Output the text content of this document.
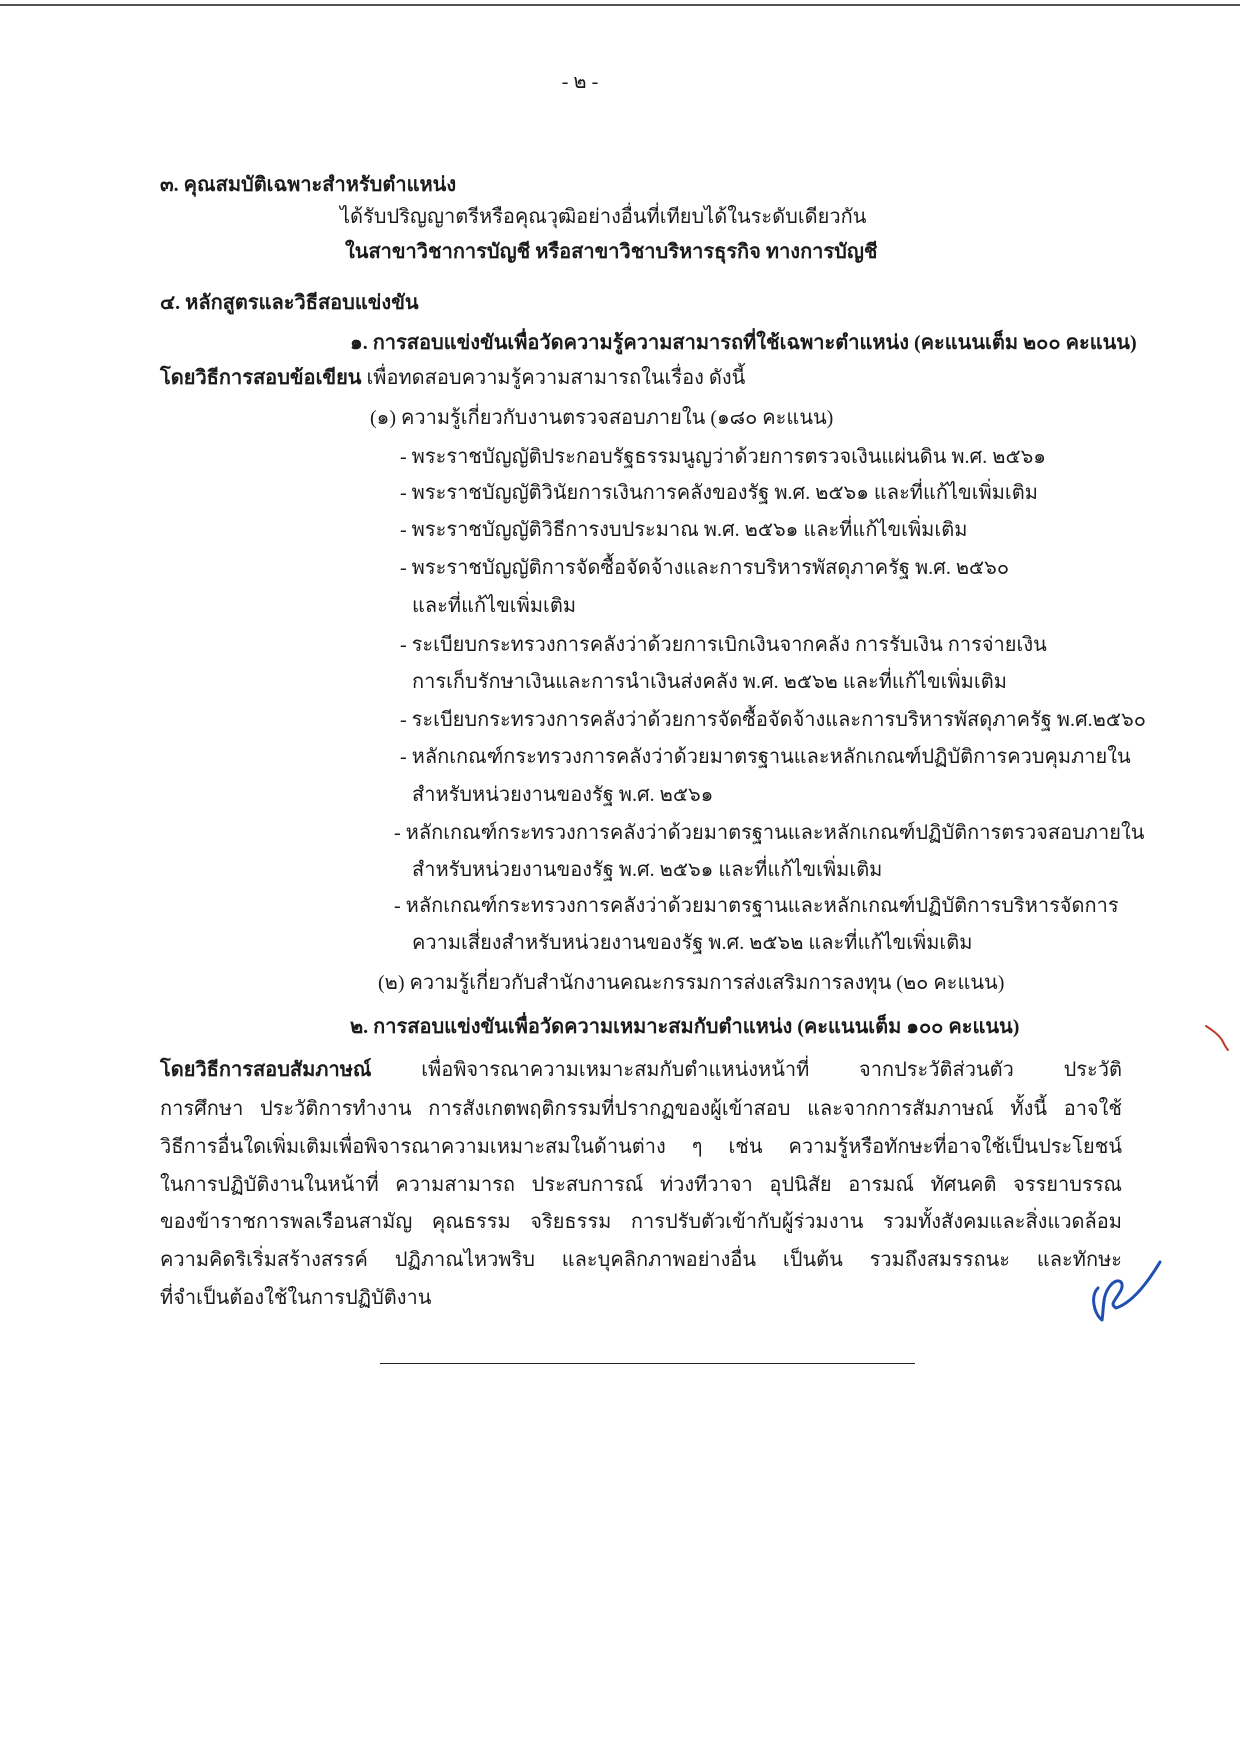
- ๒ -
๓. คุณสมบัติเฉพาะสำหรับตำแหน่ง
ได้รับปริญญาตรีหรือคุณวุฒิอย่างอื่นที่เทียบได้ในระดับเดียวกัน
ในสาขาวิชาการบัญชี หรือสาขาวิชาบริหารธุรกิจ ทางการบัญชี
๔. หลักสูตรและวิธีสอบแข่งขัน
๑. การสอบแข่งขันเพื่อวัดความรู้ความสามารถที่ใช้เฉพาะตำแหน่ง (คะแนนเต็ม ๒๐๐ คะแนน)
โดยวิธีการสอบข้อเขียน เพื่อทดสอบความรู้ความสามารถในเรื่อง ดังนี้
(๑) ความรู้เกี่ยวกับงานตรวจสอบภายใน (๑๘๐ คะแนน)
- พระราชบัญญัติประกอบรัฐธรรมนูญว่าด้วยการตรวจเงินแผ่นดิน พ.ศ. ๒๕๖๑
- พระราชบัญญัติวินัยการเงินการคลังของรัฐ พ.ศ. ๒๕๖๑ และที่แก้ไขเพิ่มเติม
- พระราชบัญญัติวิธีการงบประมาณ พ.ศ. ๒๕๖๑ และที่แก้ไขเพิ่มเติม
- พระราชบัญญัติการจัดซื้อจัดจ้างและการบริหารพัสดุภาครัฐ พ.ศ. ๒๕๖๐
และที่แก้ไขเพิ่มเติม
- ระเบียบกระทรวงการคลังว่าด้วยการเบิกเงินจากคลัง การรับเงิน การจ่ายเงิน
การเก็บรักษาเงินและการนำเงินส่งคลัง พ.ศ. ๒๕๖๒ และที่แก้ไขเพิ่มเติม
- ระเบียบกระทรวงการคลังว่าด้วยการจัดซื้อจัดจ้างและการบริหารพัสดุภาครัฐ พ.ศ.๒๕๖๐
- หลักเกณฑ์กระทรวงการคลังว่าด้วยมาตรฐานและหลักเกณฑ์ปฏิบัติการควบคุมภายใน
สำหรับหน่วยงานของรัฐ พ.ศ. ๒๕๖๑
- หลักเกณฑ์กระทรวงการคลังว่าด้วยมาตรฐานและหลักเกณฑ์ปฏิบัติการตรวจสอบภายใน
สำหรับหน่วยงานของรัฐ พ.ศ. ๒๕๖๑ และที่แก้ไขเพิ่มเติม
- หลักเกณฑ์กระทรวงการคลังว่าด้วยมาตรฐานและหลักเกณฑ์ปฏิบัติการบริหารจัดการ
ความเสี่ยงสำหรับหน่วยงานของรัฐ พ.ศ. ๒๕๖๒ และที่แก้ไขเพิ่มเติม
(๒) ความรู้เกี่ยวกับสำนักงานคณะกรรมการส่งเสริมการลงทุน (๒๐ คะแนน)
๒. การสอบแข่งขันเพื่อวัดความเหมาะสมกับตำแหน่ง (คะแนนเต็ม ๑๐๐ คะแนน)
โดยวิธีการสอบสัมภาษณ์ เพื่อพิจารณาความเหมาะสมกับตำแหน่งหน้าที่ จากประวัติส่วนตัว ประวัติ
การศึกษา ประวัติการทำงาน การสังเกตพฤติกรรมที่ปรากฏของผู้เข้าสอบ และจากการสัมภาษณ์ ทั้งนี้ อาจใช้
วิธีการอื่นใดเพิ่มเติมเพื่อพิจารณาความเหมาะสมในด้านต่าง ๆ เช่น ความรู้หรือทักษะที่อาจใช้เป็นประโยชน์
ในการปฏิบัติงานในหน้าที่ ความสามารถ ประสบการณ์ ท่วงทีวาจา อุปนิสัย อารมณ์ ทัศนคติ จรรยาบรรณ
ของข้าราชการพลเรือนสามัญ คุณธรรม จริยธรรม การปรับตัวเข้ากับผู้ร่วมงาน รวมทั้งสังคมและสิ่งแวดล้อม
ความคิดริเริ่มสร้างสรรค์ ปฏิภาณไหวพริบ และบุคลิกภาพอย่างอื่น เป็นต้น รวมถึงสมรรถนะ และทักษะ
ที่จำเป็นต้องใช้ในการปฏิบัติงาน
